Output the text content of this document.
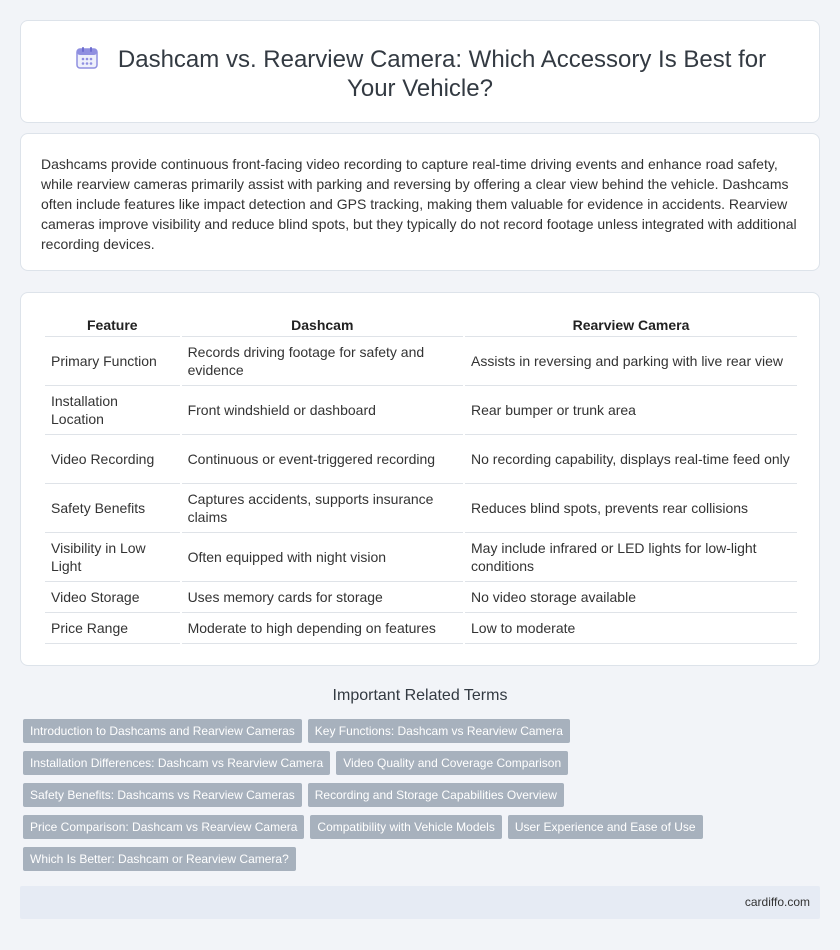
Dashcam vs. Rearview Camera: Which Accessory Is Best for Your Vehicle?

Dashcams provide continuous front-facing video recording to capture real-time driving events and enhance road safety, while rearview cameras primarily assist with parking and reversing by offering a clear view behind the vehicle. Dashcams often include features like impact detection and GPS tracking, making them valuable for evidence in accidents. Rearview cameras improve visibility and reduce blind spots, but they typically do not record footage unless integrated with additional recording devices.

Feature	Dashcam	Rearview Camera
Primary Function	Records driving footage for safety and evidence	Assists in reversing and parking with live rear view
Installation Location	Front windshield or dashboard	Rear bumper or trunk area
Video Recording	Continuous or event-triggered recording	No recording capability, displays real-time feed only
Safety Benefits	Captures accidents, supports insurance claims	Reduces blind spots, prevents rear collisions
Visibility in Low Light	Often equipped with night vision	May include infrared or LED lights for low-light conditions
Video Storage	Uses memory cards for storage	No video storage available
Price Range	Moderate to high depending on features	Low to moderate
Important Related Terms
Introduction to Dashcams and Rearview Cameras Key Functions: Dashcam vs Rearview Camera
Installation Differences: Dashcam vs Rearview Camera Video Quality and Coverage Comparison
Safety Benefits: Dashcams vs Rearview Cameras Recording and Storage Capabilities Overview
Price Comparison: Dashcam vs Rearview Camera Compatibility with Vehicle Models User Experience and Ease of Use
Which Is Better: Dashcam or Rearview Camera?
cardiffo.com
